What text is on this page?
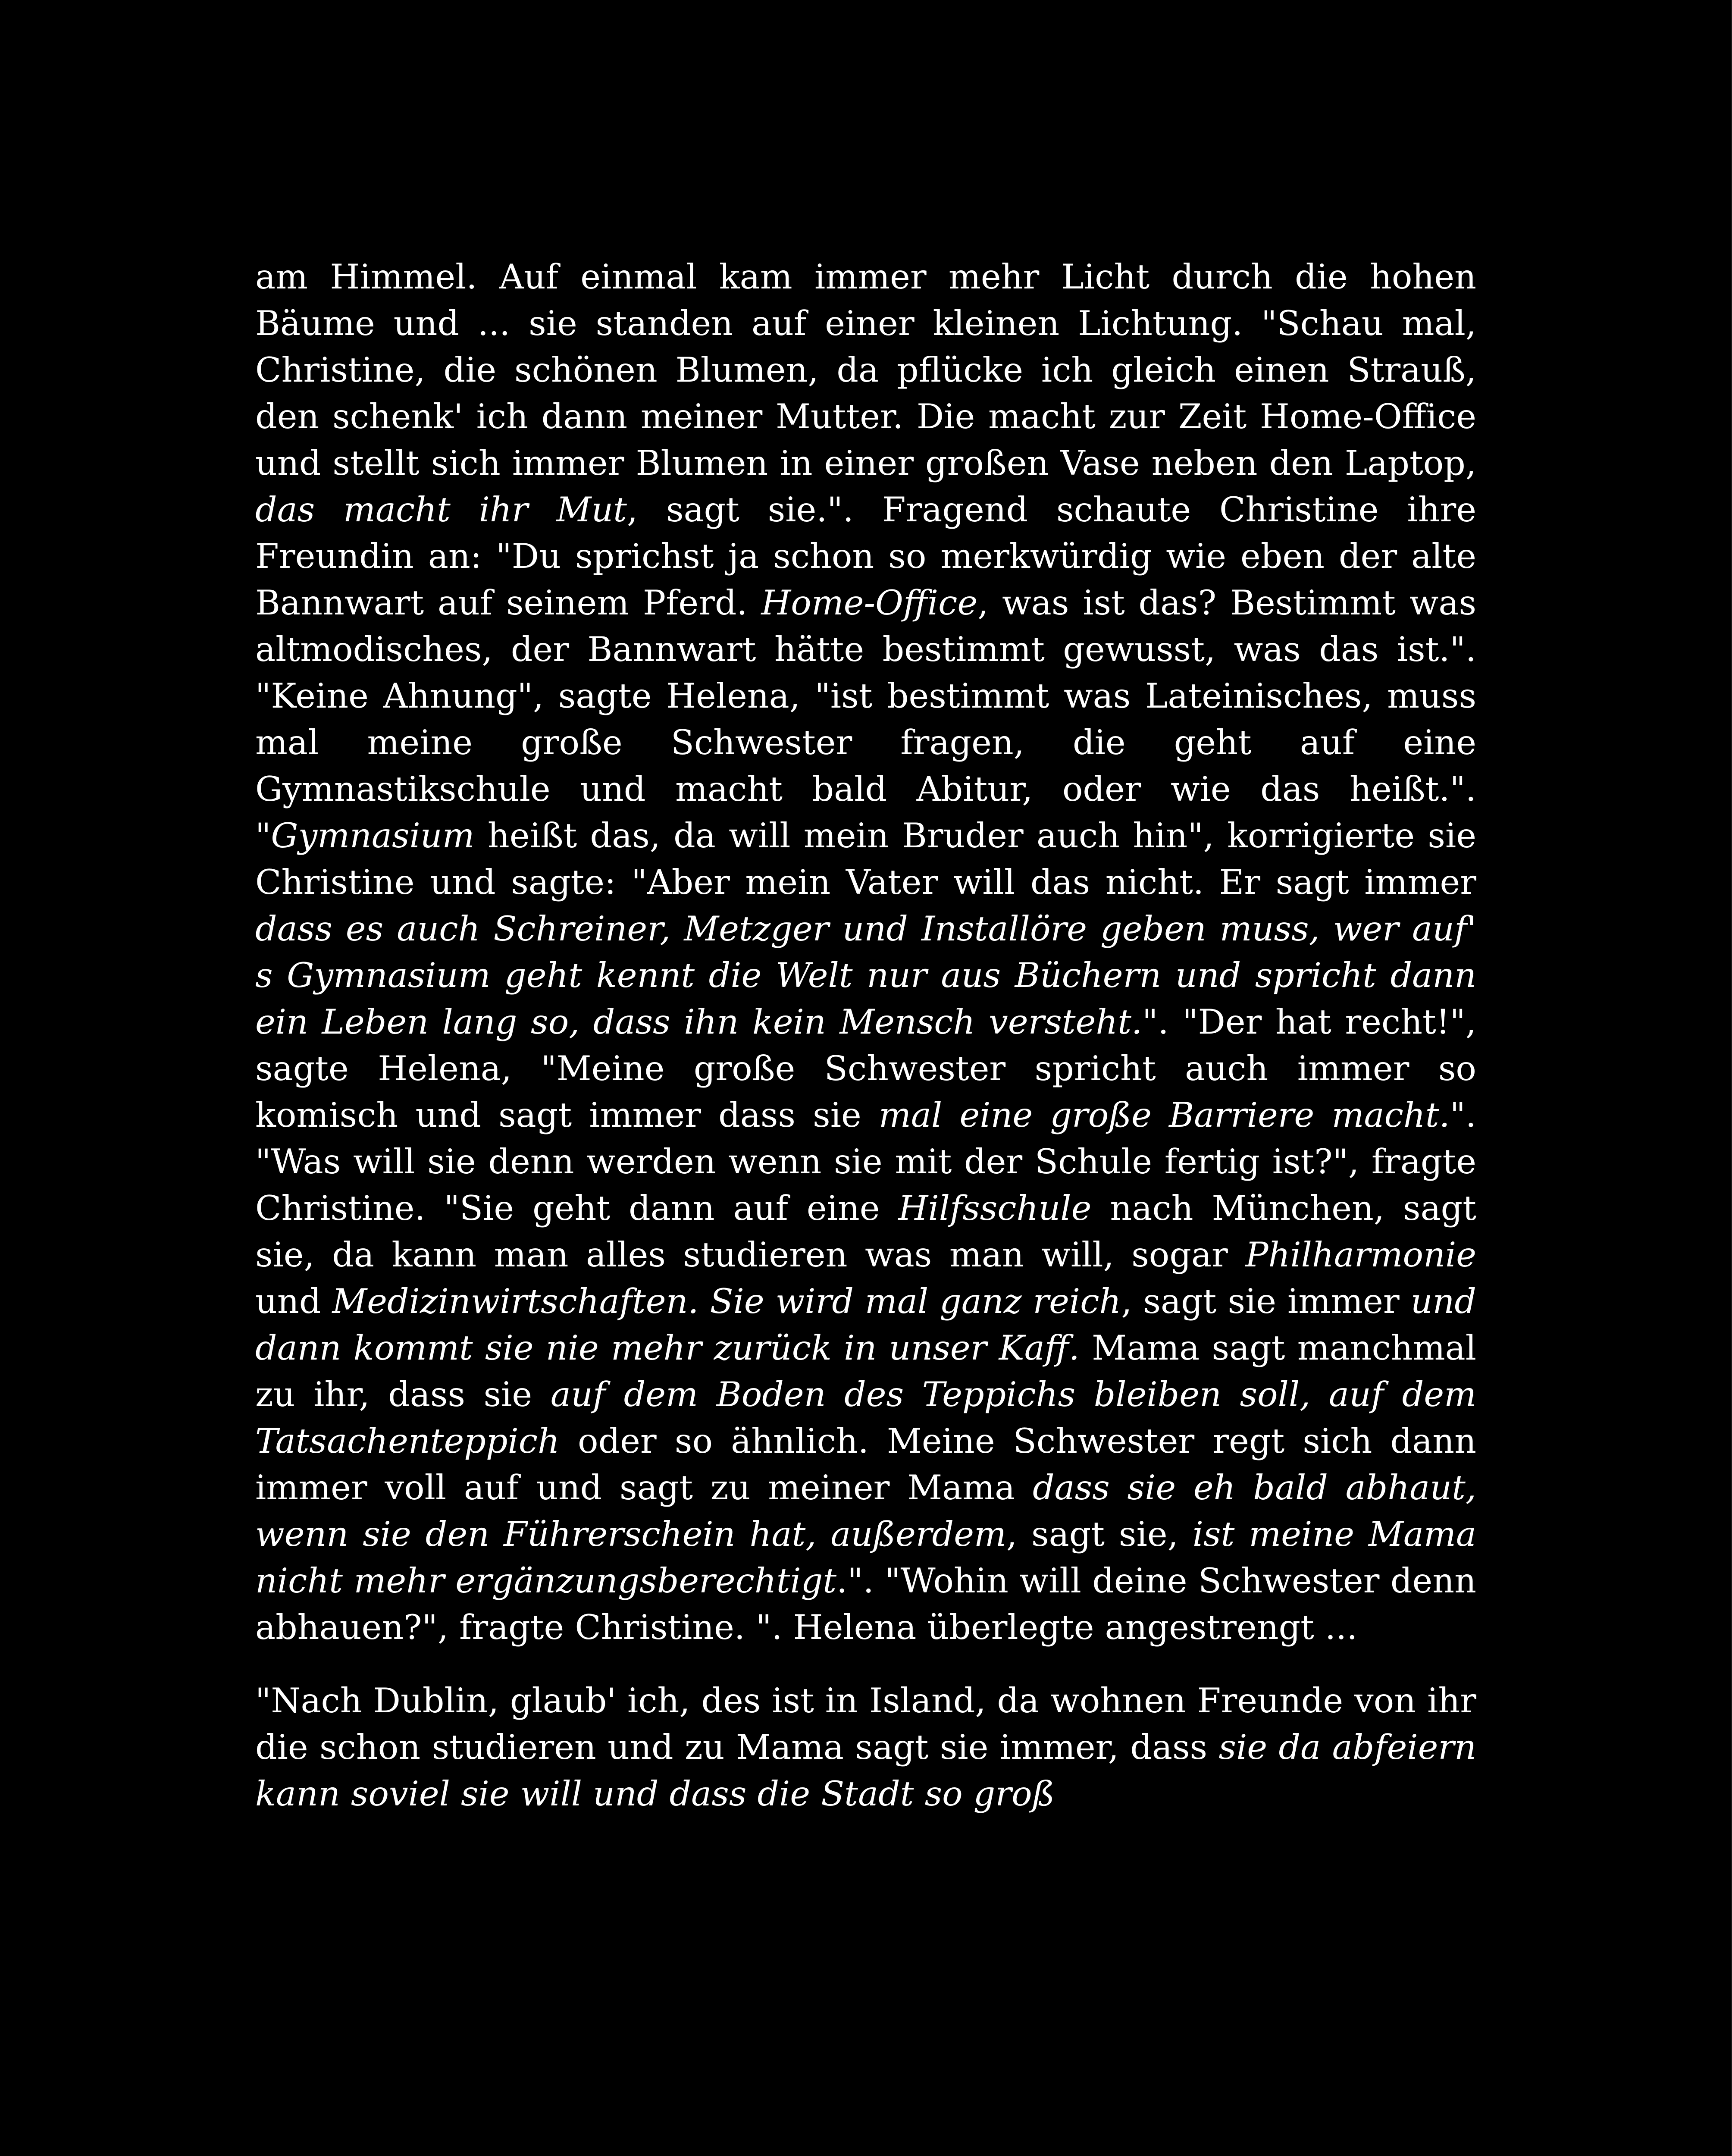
am Himmel. Auf einmal kam immer mehr Licht durch die hohen Bäume und ... sie standen auf einer kleinen Lichtung. "Schau mal, Christine, die schönen Blumen, da pflücke ich gleich einen Strauß, den schenk' ich dann meiner Mutter. Die macht zur Zeit Home-Office und stellt sich immer Blumen in einer großen Vase neben den Laptop, das macht ihr Mut, sagt sie.". Fragend schaute Christine ihre Freundin an: "Du sprichst ja schon so merkwürdig wie eben der alte Bannwart auf seinem Pferd. Home-Office, was ist das? Bestimmt was altmodisches, der Bannwart hätte bestimmt gewusst, was das ist.". "Keine Ahnung", sagte Helena, "ist bestimmt was Lateinisches, muss mal meine große Schwester fragen, die geht auf eine Gymnastikschule und macht bald Abitur, oder wie das heißt.". "Gymnasium heißt das, da will mein Bruder auch hin", korrigierte sie Christine und sagte: "Aber mein Vater will das nicht. Er sagt immer dass es auch Schreiner, Metzger und Installöre geben muss, wer auf' s Gymnasium geht kennt die Welt nur aus Büchern und spricht dann ein Leben lang so, dass ihn kein Mensch versteht.". "Der hat recht!", sagte Helena, "Meine große Schwester spricht auch immer so komisch und sagt immer dass sie mal eine große Barriere macht.". "Was will sie denn werden wenn sie mit der Schule fertig ist?", fragte Christine. "Sie geht dann auf eine Hilfsschule nach München, sagt sie, da kann man alles studieren was man will, sogar Philharmonie und Medizinwirtschaften. Sie wird mal ganz reich, sagt sie immer und dann kommt sie nie mehr zurück in unser Kaff. Mama sagt manchmal zu ihr, dass sie auf dem Boden des Teppichs bleiben soll, auf dem Tatsachenteppich oder so ähnlich. Meine Schwester regt sich dann immer voll auf und sagt zu meiner Mama dass sie eh bald abhaut, wenn sie den Führerschein hat, außerdem, sagt sie, ist meine Mama nicht mehr ergänzungsberechtigt.". "Wohin will deine Schwester denn abhauen?", fragte Christine. ". Helena überlegte angestrengt ...

"Nach Dublin, glaub' ich, des ist in Island, da wohnen Freunde von ihr die schon studieren und zu Mama sagt sie immer, dass sie da abfeiern kann soviel sie will und dass die Stadt so groß
